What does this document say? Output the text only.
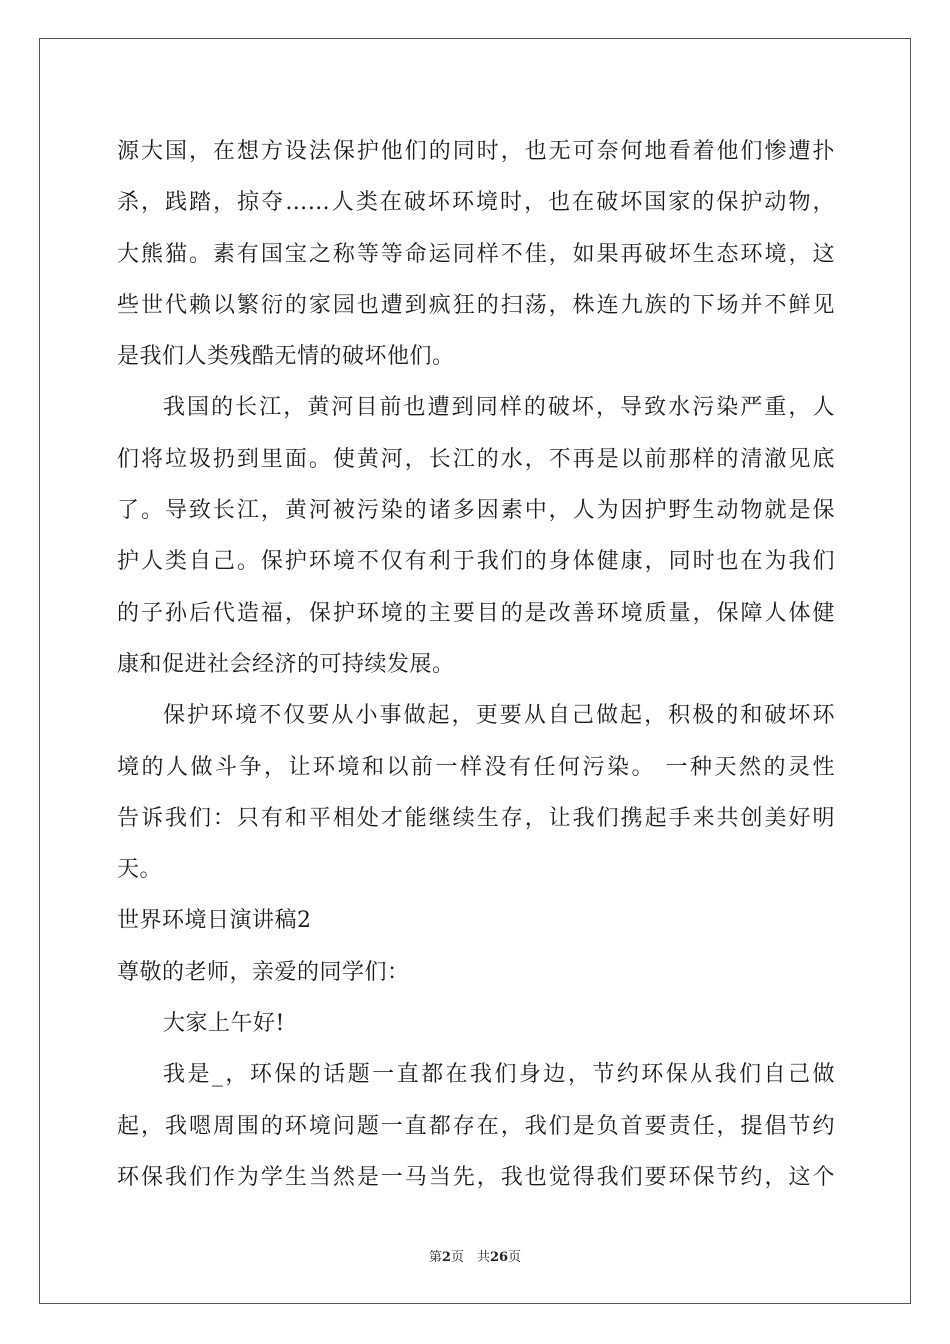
源大国，在想方设法保护他们的同时，也无可奈何地看着他们惨遭扑
杀，践踏，掠夺……人类在破坏环境时，也在破坏国家的保护动物，
大熊猫。素有国宝之称等等命运同样不佳，如果再破坏生态环境，这
些世代赖以繁衍的家园也遭到疯狂的扫荡，株连九族的下场并不鲜见
是我们人类残酷无情的破坏他们。
我国的长江，黄河目前也遭到同样的破坏，导致水污染严重，人
们将垃圾扔到里面。使黄河，长江的水，不再是以前那样的清澈见底
了。导致长江，黄河被污染的诸多因素中，人为因护野生动物就是保
护人类自己。保护环境不仅有利于我们的身体健康，同时也在为我们
的子孙后代造福，保护环境的主要目的是改善环境质量，保障人体健
康和促进社会经济的可持续发展。
保护环境不仅要从小事做起，更要从自己做起，积极的和破坏环
境的人做斗争，让环境和以前一样没有任何污染。 一种天然的灵性
告诉我们：只有和平相处才能继续生存，让我们携起手来共创美好明
天。
世界环境日演讲稿2
尊敬的老师，亲爱的同学们：
大家上午好!
我是_，环保的话题一直都在我们身边，节约环保从我们自己做
起，我嗯周围的环境问题一直都存在，我们是负首要责任，提倡节约
环保我们作为学生当然是一马当先，我也觉得我们要环保节约，这个
第2页　共26页
